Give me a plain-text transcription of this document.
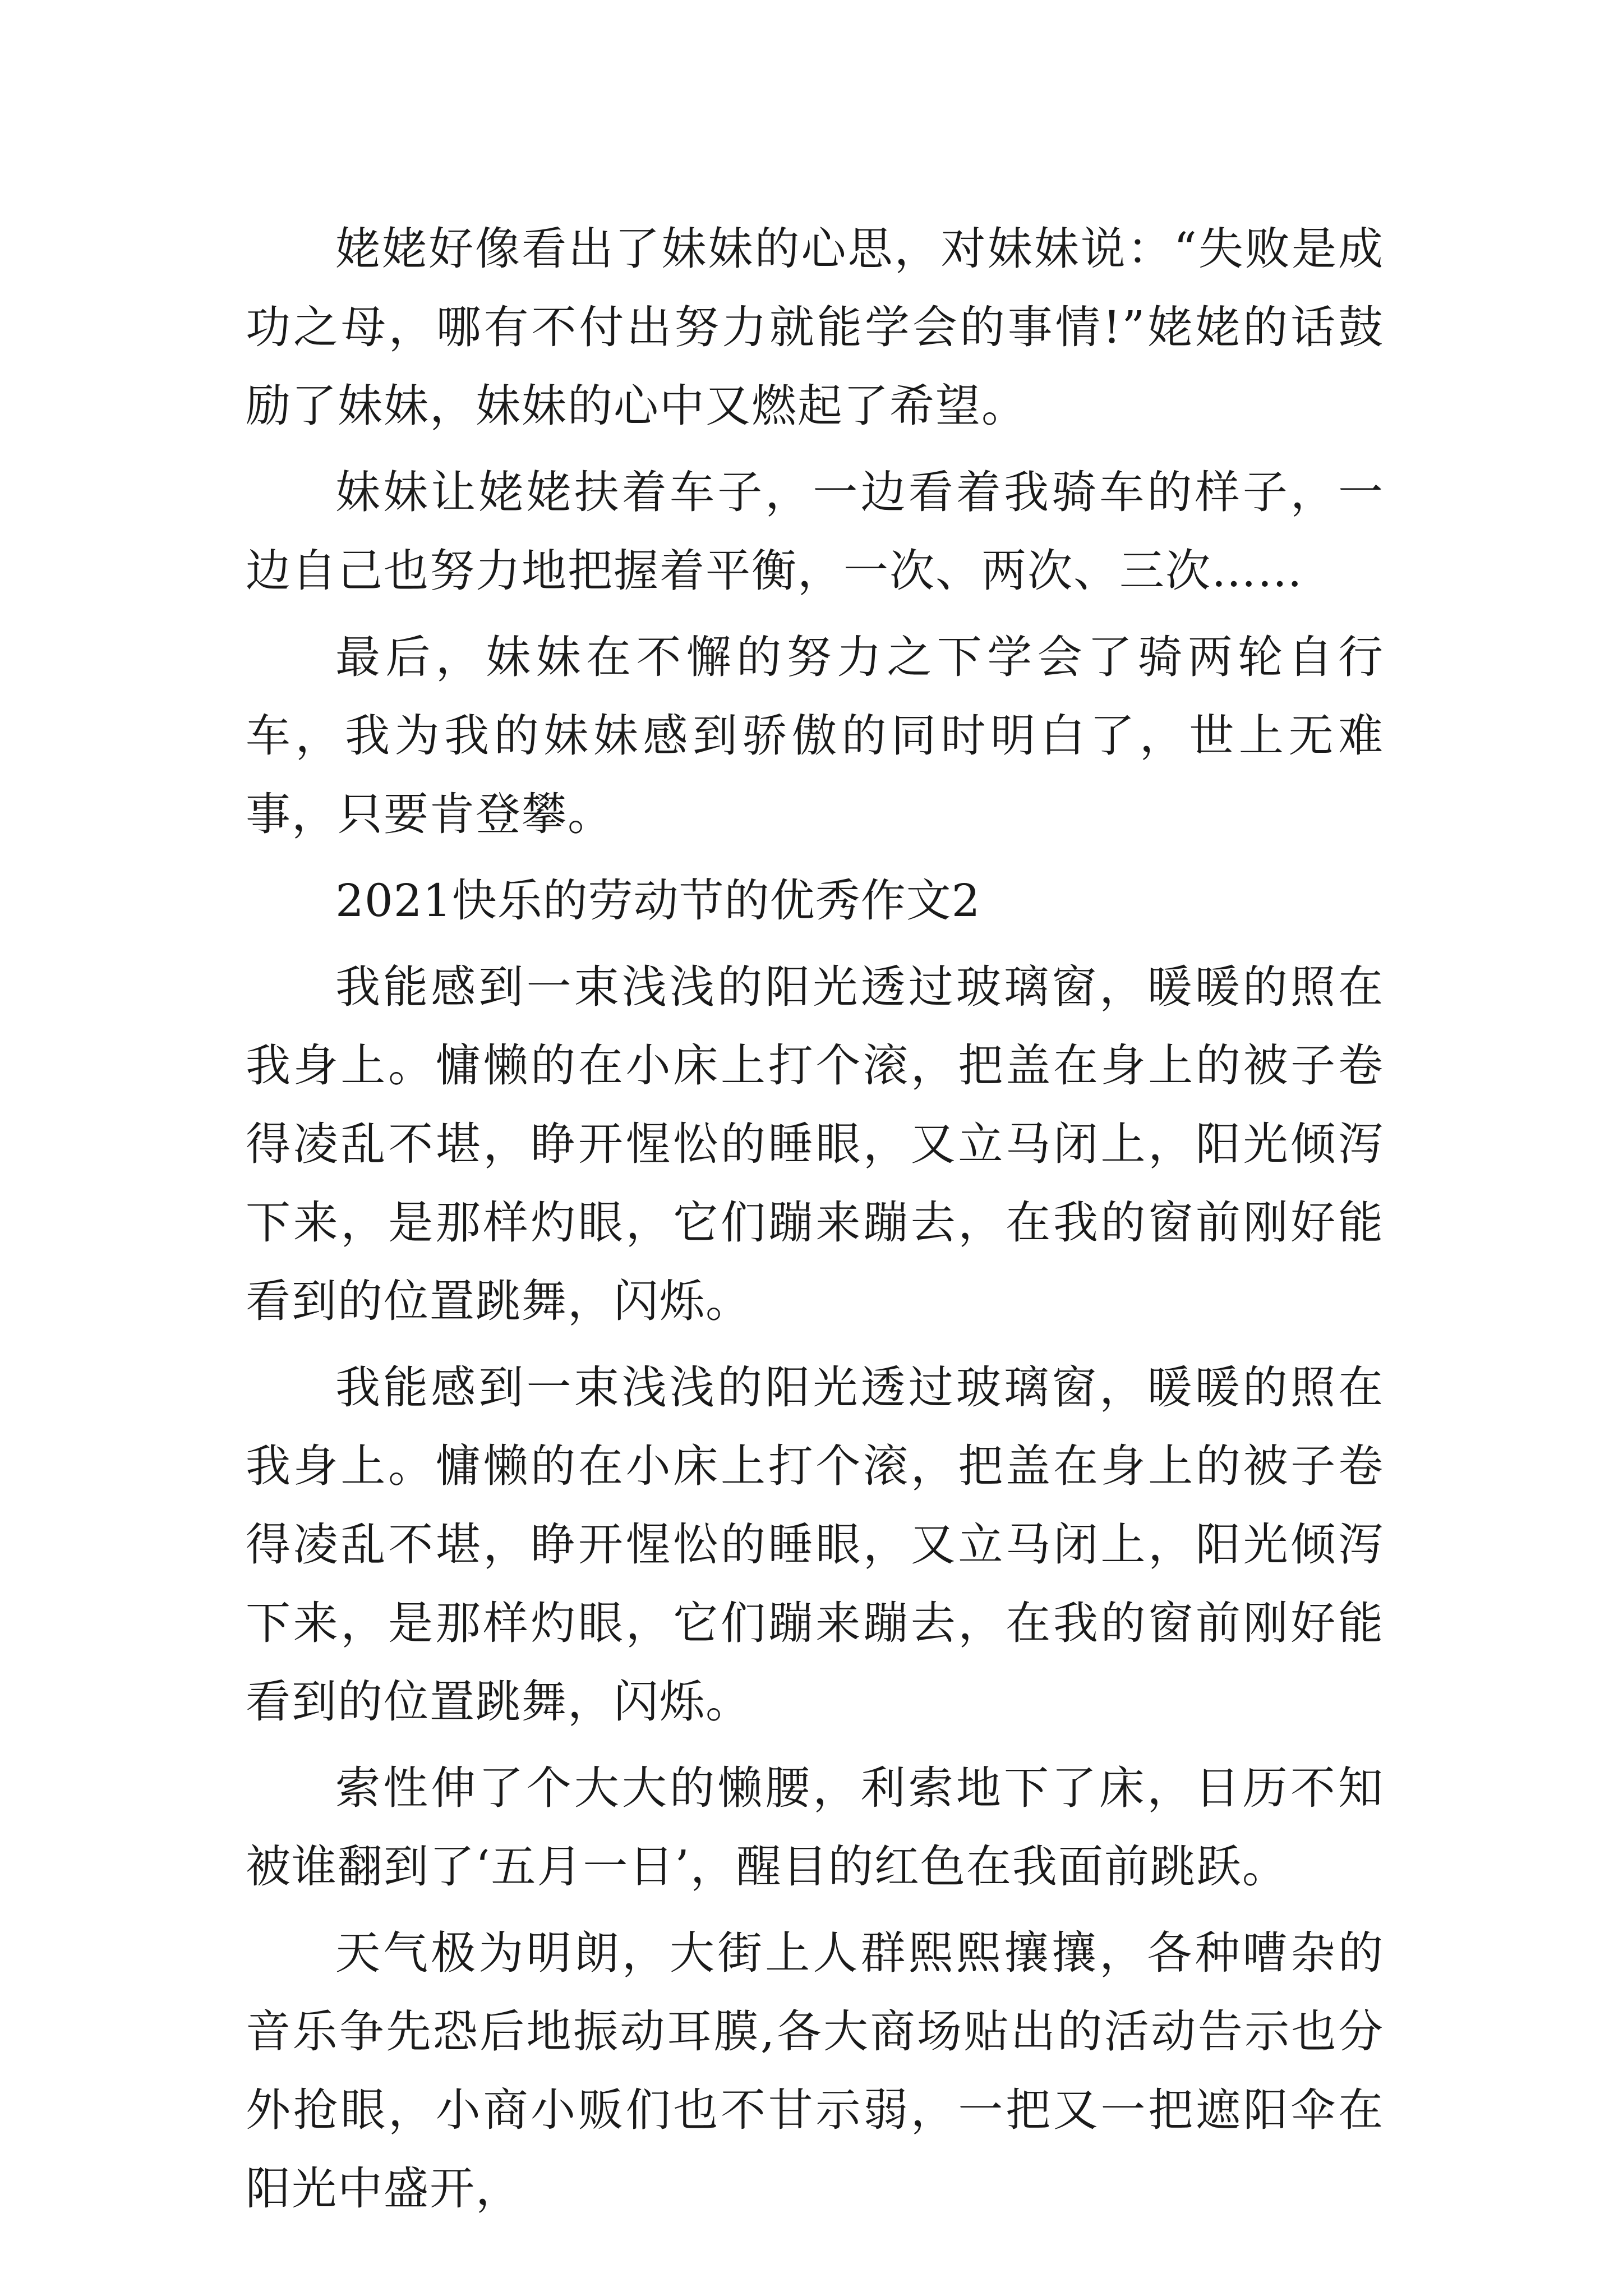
姥姥好像看出了妹妹的心思，对妹妹说：“失败是成功之母，哪有不付出努力就能学会的事情!”姥姥的话鼓励了妹妹，妹妹的心中又燃起了希望。

妹妹让姥姥扶着车子，一边看着我骑车的样子，一边自己也努力地把握着平衡，一次、两次、三次……

最后，妹妹在不懈的努力之下学会了骑两轮自行车，我为我的妹妹感到骄傲的同时明白了，世上无难事，只要肯登攀。

2021快乐的劳动节的优秀作文2

我能感到一束浅浅的阳光透过玻璃窗，暖暖的照在我身上。慵懒的在小床上打个滚，把盖在身上的被子卷得凌乱不堪，睁开惺忪的睡眼，又立马闭上，阳光倾泻下来，是那样灼眼，它们蹦来蹦去，在我的窗前刚好能看到的位置跳舞，闪烁。

我能感到一束浅浅的阳光透过玻璃窗，暖暖的照在我身上。慵懒的在小床上打个滚，把盖在身上的被子卷得凌乱不堪，睁开惺忪的睡眼，又立马闭上，阳光倾泻下来，是那样灼眼，它们蹦来蹦去，在我的窗前刚好能看到的位置跳舞，闪烁。

索性伸了个大大的懒腰，利索地下了床，日历不知被谁翻到了‘五月一日’，醒目的红色在我面前跳跃。

天气极为明朗，大街上人群熙熙攘攘，各种嘈杂的音乐争先恐后地振动耳膜,各大商场贴出的活动告示也分外抢眼，小商小贩们也不甘示弱，一把又一把遮阳伞在阳光中盛开，
